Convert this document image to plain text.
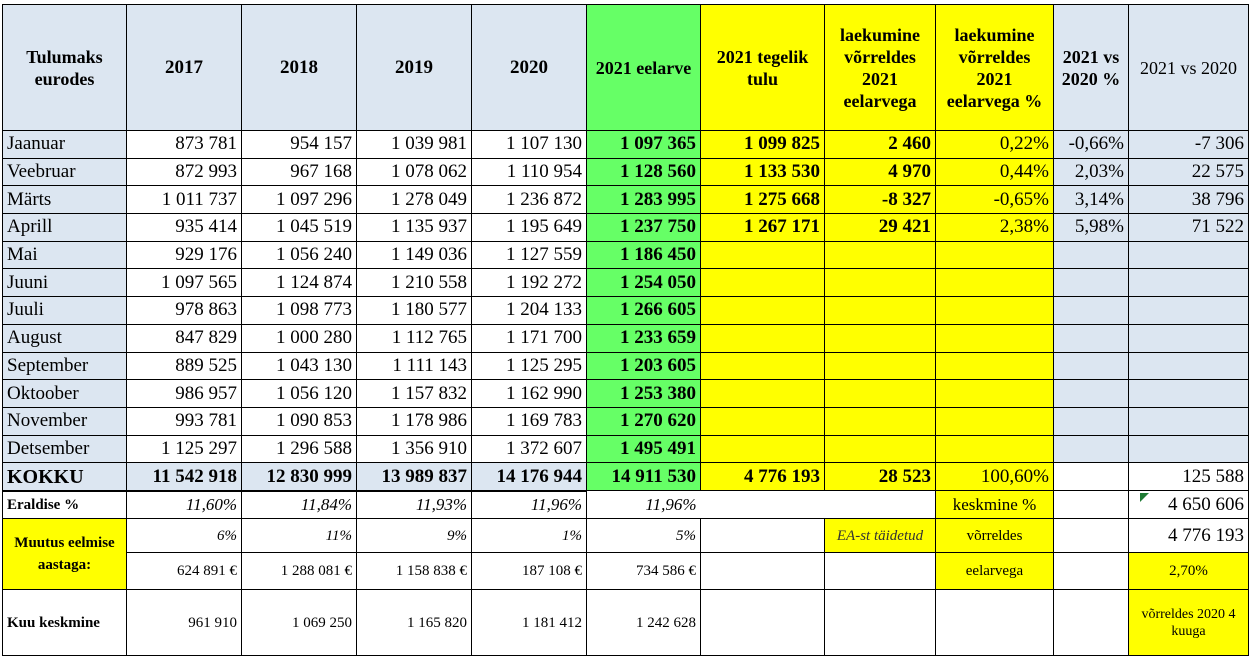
Tulumaks eurodes	2017	2018	2019	2020	2021 eelarve	2021 tegelik tulu	laekumine võrreldes 2021 eelarvega	laekumine võrreldes 2021 eelarvega %	2021 vs 2020 %	2021 vs 2020
Jaanuar	873 781	954 157	1 039 981	1 107 130	1 097 365	1 099 825	2 460	0,22%	-0,66%	-7 306
Veebruar	872 993	967 168	1 078 062	1 110 954	1 128 560	1 133 530	4 970	0,44%	2,03%	22 575
Märts	1 011 737	1 097 296	1 278 049	1 236 872	1 283 995	1 275 668	-8 327	-0,65%	3,14%	38 796
Aprill	935 414	1 045 519	1 135 937	1 195 649	1 237 750	1 267 171	29 421	2,38%	5,98%	71 522
Mai	929 176	1 056 240	1 149 036	1 127 559	1 186 450					
Juuni	1 097 565	1 124 874	1 210 558	1 192 272	1 254 050					
Juuli	978 863	1 098 773	1 180 577	1 204 133	1 266 605					
August	847 829	1 000 280	1 112 765	1 171 700	1 233 659					
September	889 525	1 043 130	1 111 143	1 125 295	1 203 605					
Oktoober	986 957	1 056 120	1 157 832	1 162 990	1 253 380					
November	993 781	1 090 853	1 178 986	1 169 783	1 270 620					
Detsember	1 125 297	1 296 588	1 356 910	1 372 607	1 495 491					
KOKKU	11 542 918	12 830 999	13 989 837	14 176 944	14 911 530	4 776 193	28 523	100,60%		125 588
Eraldise %	11,60%	11,84%	11,93%	11,96%	11,96%			keskmine %		4 650 606
Muutus eelmise aastaga:	6%	11%	9%	1%	5%		EA-st täidetud	võrreldes		4 776 193
	624 891 €	1 288 081 €	1 158 838 €	187 108 €	734 586 €			eelarvega		2,70%
Kuu keskmine	961 910	1 069 250	1 165 820	1 181 412	1 242 628					võrreldes 2020 4 kuuga
